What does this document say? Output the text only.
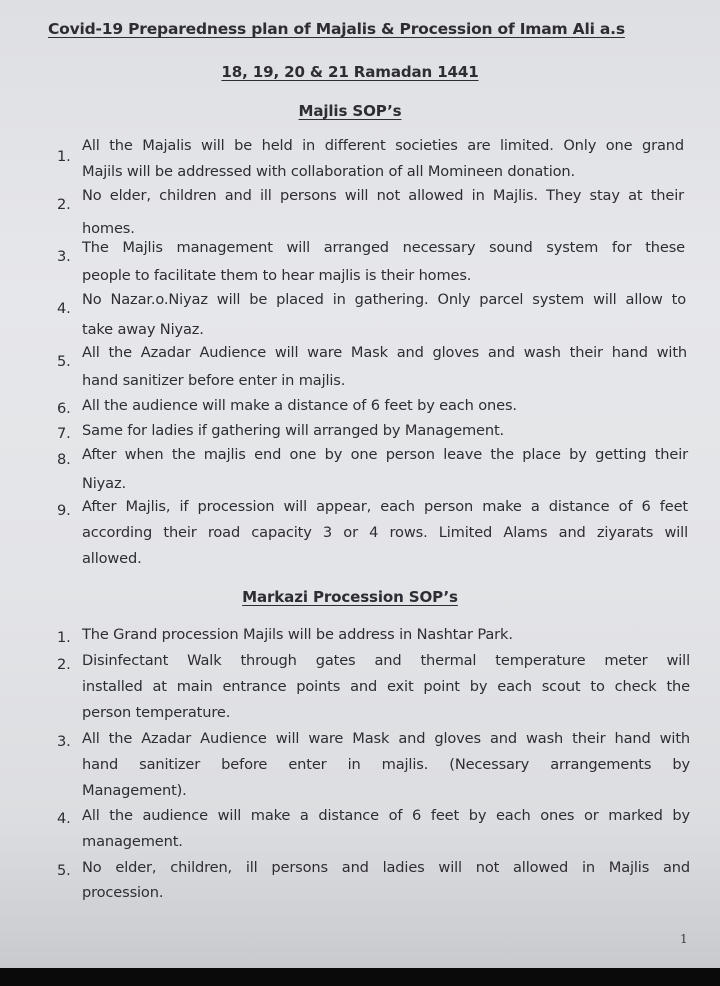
Covid-19 Preparedness plan of Majalis & Procession of Imam Ali a.s
18, 19, 20 & 21 Ramadan 1441
Majlis SOP’s
1.
All the Majalis will be held in different societies are limited. Only one grand
Majils will be addressed with collaboration of all Momineen donation.
2.
No elder, children and ill persons will not allowed in Majlis. They stay at their
homes.
3.
The Majlis management will arranged necessary sound system for these
people to facilitate them to hear majlis is their homes.
4.
No Nazar.o.Niyaz will be placed in gathering. Only parcel system will allow to
take away Niyaz.
5.
All the Azadar Audience will ware Mask and gloves and wash their hand with
hand sanitizer before enter in majlis.
6. All the audience will make a distance of 6 feet by each ones.
7. Same for ladies if gathering will arranged by Management.
8. After when the majlis end one by one person leave the place by getting their
Niyaz.
9. After Majlis, if procession will appear, each person make a distance of 6 feet
according their road capacity 3 or 4 rows. Limited Alams and ziyarats will
allowed.
Markazi Procession SOP’s
1. The Grand procession Majils will be address in Nashtar Park.
2. Disinfectant Walk through gates and thermal temperature meter will
installed at main entrance points and exit point by each scout to check the
person temperature.
3. All the Azadar Audience will ware Mask and gloves and wash their hand with
hand sanitizer before enter in majlis. (Necessary arrangements by
Management).
4. All the audience will make a distance of 6 feet by each ones or marked by
management.
5. No elder, children, ill persons and ladies will not allowed in Majlis and
procession.
1
